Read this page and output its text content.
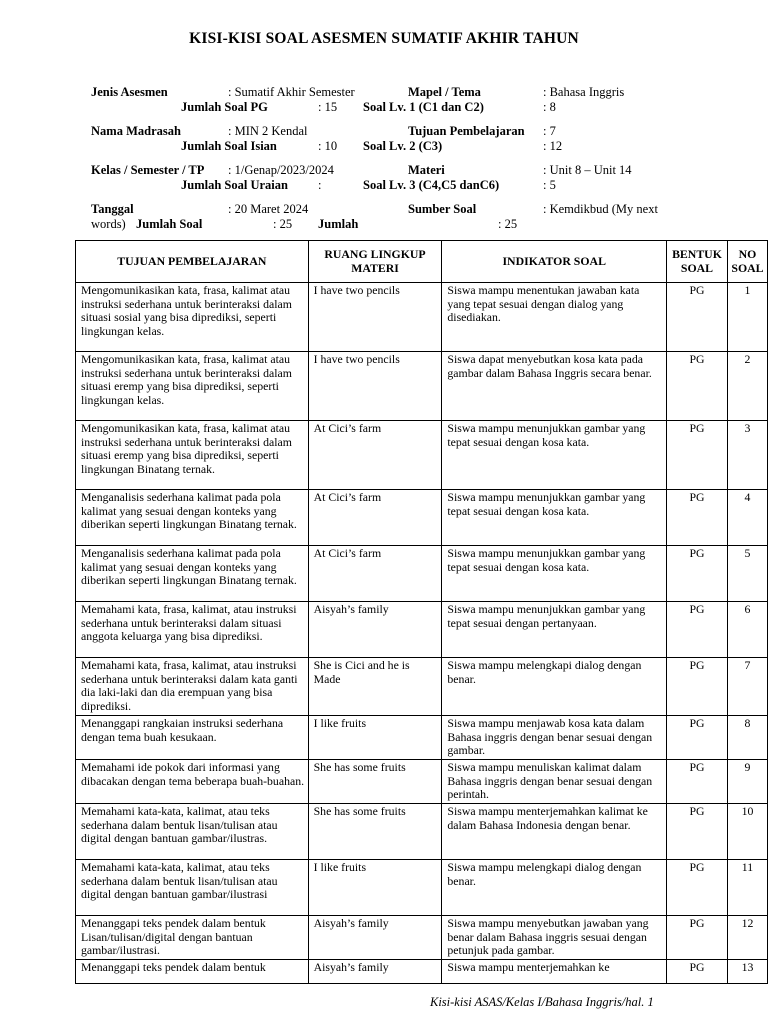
KISI-KISI SOAL ASESMEN SUMATIF AKHIR TAHUN
Jenis Asesmen	: Sumatif Akhir Semester	Mapel / Tema	: Bahasa Inggris
Jumlah Soal PG	: 15 Soal Lv. 1 (C1 dan C2)	: 8
Nama Madrasah	: MIN 2 Kendal	Tujuan Pembelajaran : 7
Jumlah Soal Isian	: 10 Soal Lv. 2 (C3)	: 12
Kelas / Semester / TP : 1/Genap/2023/2024	Materi	: Unit 8 – Unit 14
Jumlah Soal Uraian :	Soal Lv. 3 (C4,C5 danC6)	: 5
Tanggal	: 20 Maret 2024	Sumber Soal	: Kemdikbud (My next
words) Jumlah Soal	: 25 Jumlah	: 25
TUJUAN PEMBELAJARAN	RUANG LINGKUP MATERI	INDIKATOR SOAL	BENTUK SOAL	NO SOAL
Mengomunikasikan kata, frasa, kalimat atau instruksi sederhana untuk berinteraksi dalam situasi sosial yang bisa diprediksi, seperti lingkungan kelas.	I have two pencils	Siswa mampu menentukan jawaban kata yang tepat sesuai dengan dialog yang disediakan.	PG	1
Mengomunikasikan kata, frasa, kalimat atau instruksi sederhana untuk berinteraksi dalam situasi eremp yang bisa diprediksi, seperti lingkungan kelas.	I have two pencils	Siswa dapat menyebutkan kosa kata pada gambar dalam Bahasa Inggris secara benar.	PG	2
Mengomunikasikan kata, frasa, kalimat atau instruksi sederhana untuk berinteraksi dalam situasi eremp yang bisa diprediksi, seperti lingkungan Binatang ternak.	At Cici’s farm	Siswa mampu menunjukkan gambar yang tepat sesuai dengan kosa kata.	PG	3
Menganalisis sederhana kalimat pada pola kalimat yang sesuai dengan konteks yang diberikan seperti lingkungan Binatang ternak.	At Cici’s farm	Siswa mampu menunjukkan gambar yang tepat sesuai dengan kosa kata.	PG	4
Menganalisis sederhana kalimat pada pola kalimat yang sesuai dengan konteks yang diberikan seperti lingkungan Binatang ternak.	At Cici’s farm	Siswa mampu menunjukkan gambar yang tepat sesuai dengan kosa kata.	PG	5
Memahami kata, frasa, kalimat, atau instruksi sederhana untuk berinteraksi dalam situasi anggota keluarga yang bisa diprediksi.	Aisyah’s family	Siswa mampu menunjukkan gambar yang tepat sesuai dengan pertanyaan.	PG	6
Memahami kata, frasa, kalimat, atau instruksi sederhana untuk berinteraksi dalam kata ganti dia laki-laki dan dia erempuan yang bisa diprediksi.	She is Cici and he is Made	Siswa mampu melengkapi dialog dengan benar.	PG	7
Menanggapi rangkaian instruksi sederhana dengan tema buah kesukaan.	I like fruits	Siswa mampu menjawab kosa kata dalam Bahasa inggris dengan benar sesuai dengan gambar.	PG	8
Memahami ide pokok dari informasi yang dibacakan dengan tema beberapa buah-buahan.	She has some fruits	Siswa mampu menuliskan kalimat dalam Bahasa inggris dengan benar sesuai dengan perintah.	PG	9
Memahami kata-kata, kalimat, atau teks sederhana dalam bentuk lisan/tulisan atau digital dengan bantuan gambar/ilustras.	She has some fruits	Siswa mampu menterjemahkan kalimat ke dalam Bahasa Indonesia dengan benar.	PG	10
Memahami kata-kata, kalimat, atau teks sederhana dalam bentuk lisan/tulisan atau digital dengan bantuan gambar/ilustrasi	I like fruits	Siswa mampu melengkapi dialog dengan benar.	PG	11
Menanggapi teks pendek dalam bentuk Lisan/tulisan/digital dengan bantuan gambar/ilustrasi.	Aisyah’s family	Siswa mampu menyebutkan jawaban yang benar dalam Bahasa inggris sesuai dengan petunjuk pada gambar.	PG	12
Menanggapi teks pendek dalam bentuk	Aisyah’s family	Siswa mampu menterjemahkan ke	PG	13
Kisi-kisi ASAS/Kelas I/Bahasa Inggris/hal. 1
